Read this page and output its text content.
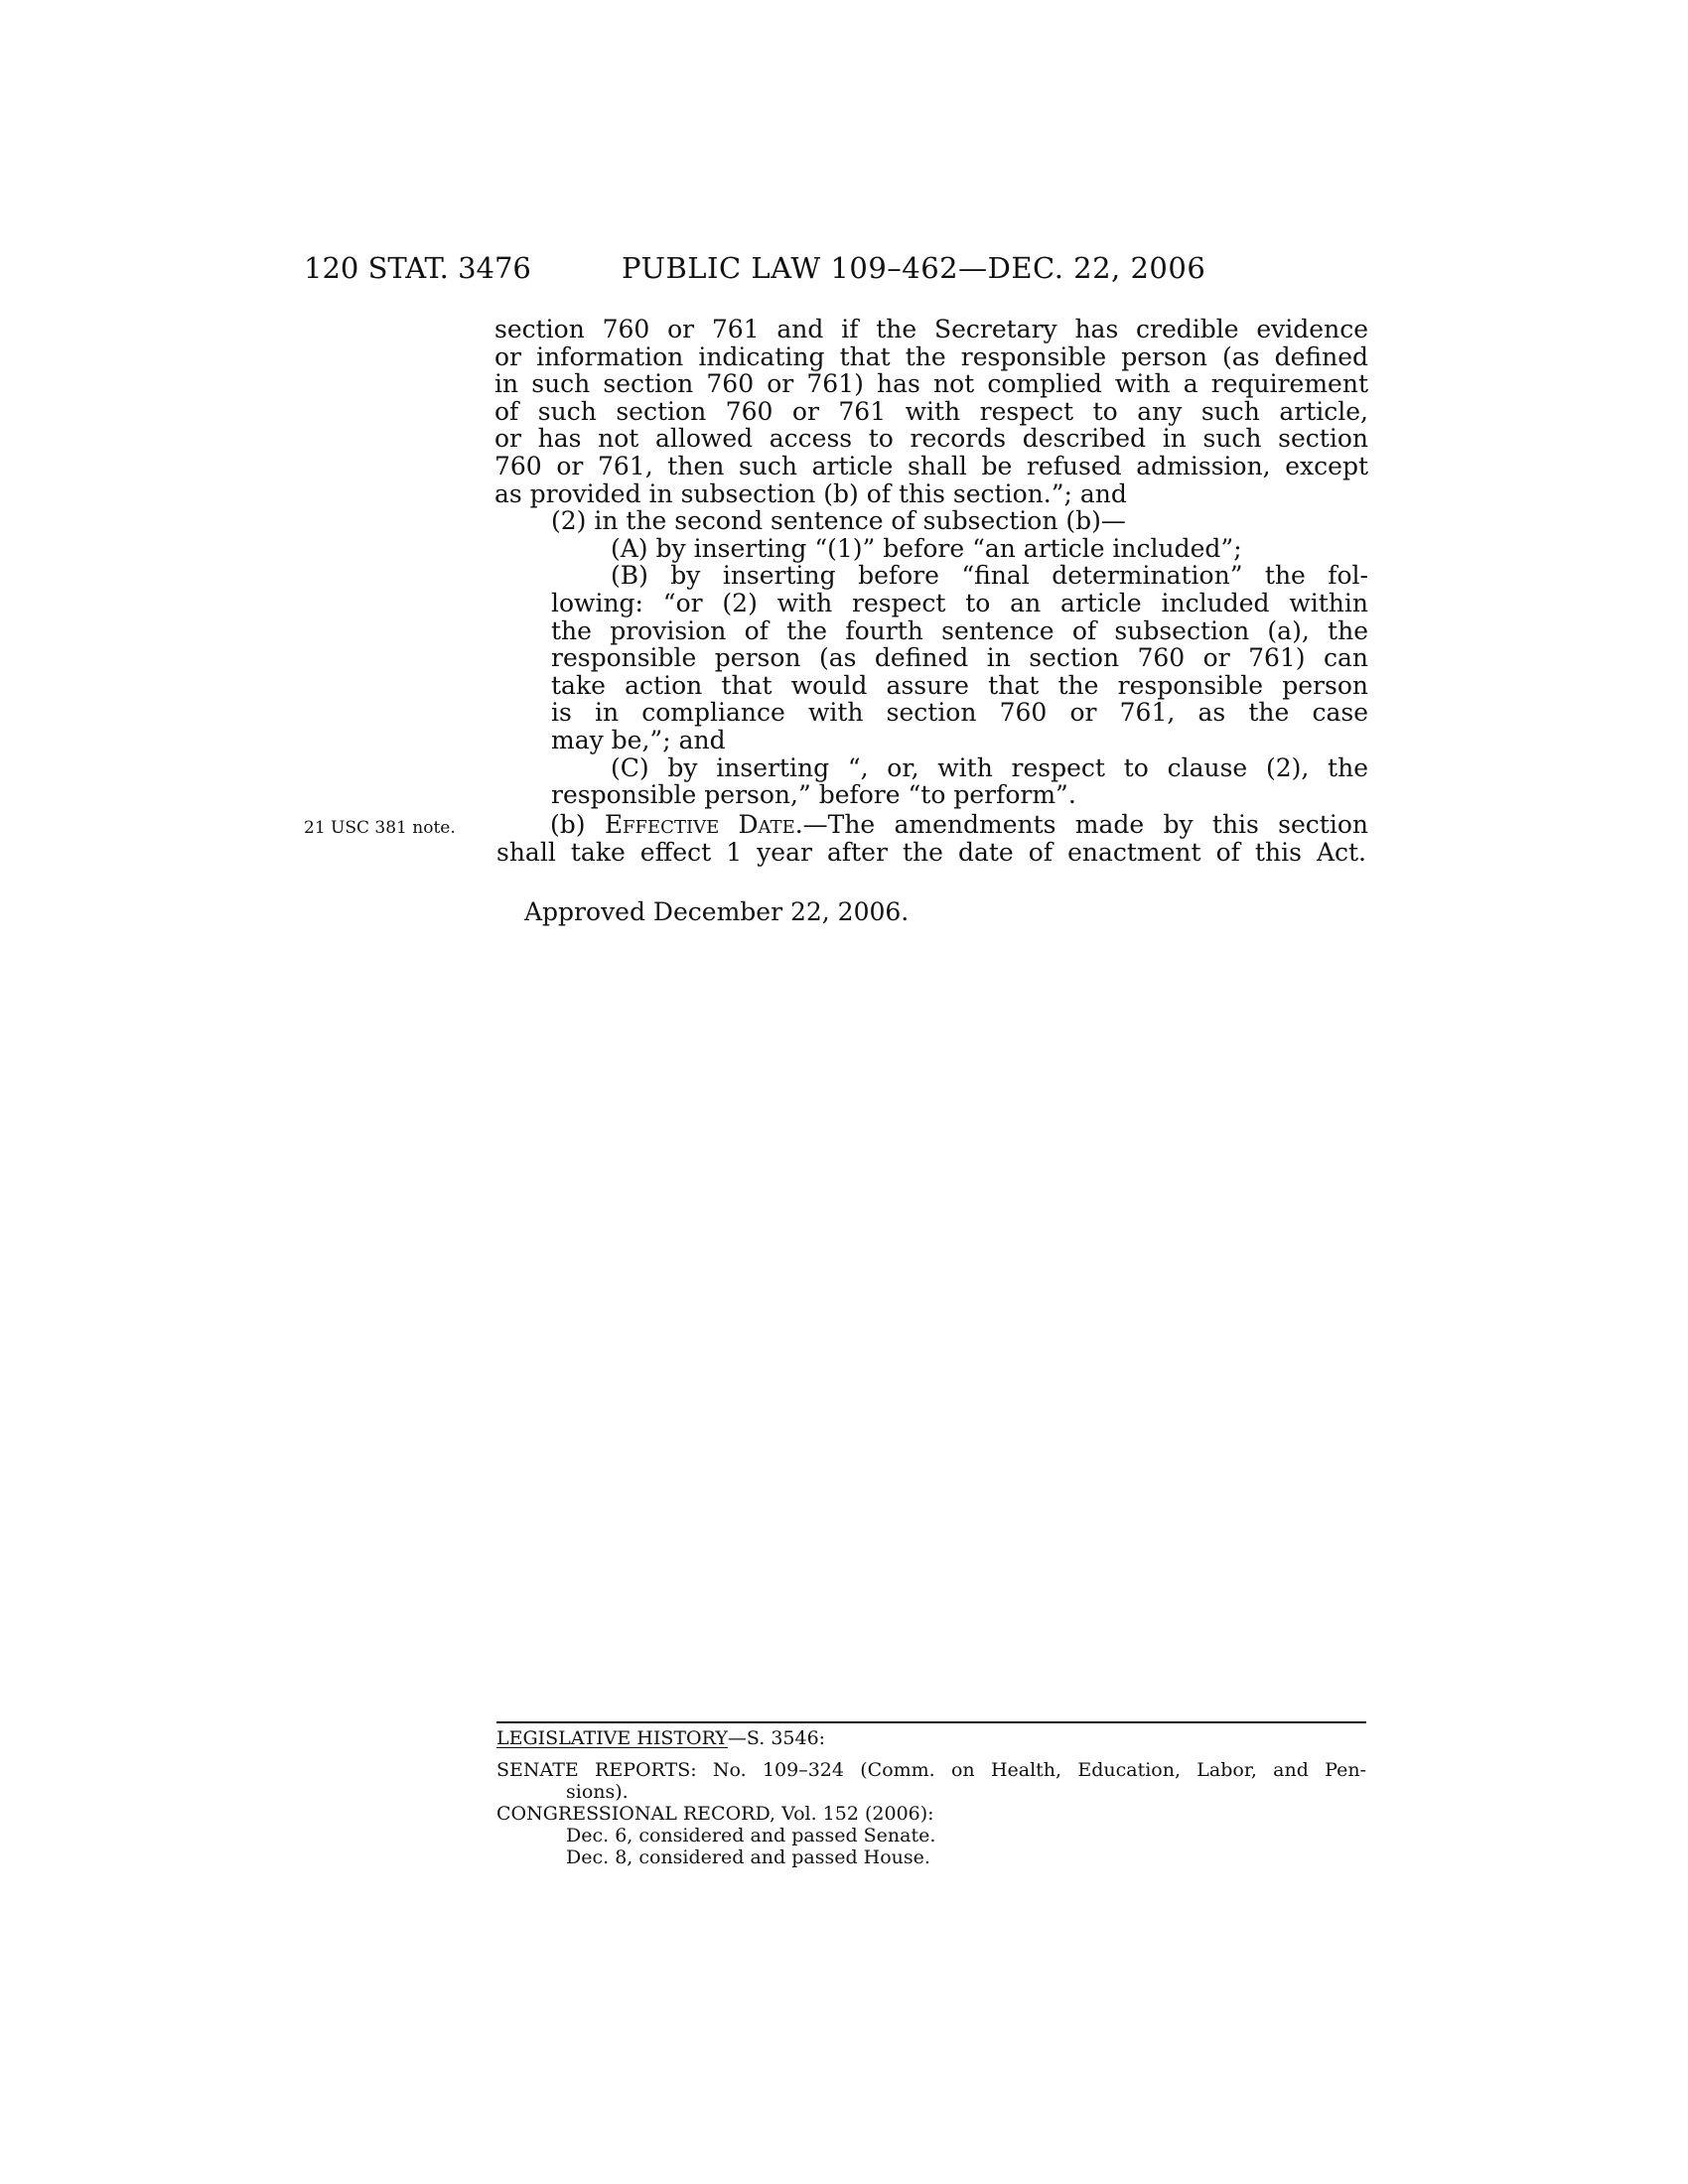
120 STAT. 3476	PUBLIC LAW 109–462—DEC. 22, 2006
section 760 or 761 and if the Secretary has credible evidence
or information indicating that the responsible person (as defined
in such section 760 or 761) has not complied with a requirement
of such section 760 or 761 with respect to any such article,
or has not allowed access to records described in such section
760 or 761, then such article shall be refused admission, except
as provided in subsection (b) of this section.”; and
(2) in the second sentence of subsection (b)—
(A) by inserting “(1)” before “an article included”;
(B) by inserting before “final determination” the fol-
lowing: “or (2) with respect to an article included within
the provision of the fourth sentence of subsection (a), the
responsible person (as defined in section 760 or 761) can
take action that would assure that the responsible person
is in compliance with section 760 or 761, as the case
may be,”; and
(C) by inserting “, or, with respect to clause (2), the
responsible person,” before “to perform”.
21 USC 381 note.	(b) Effective Date.—The amendments made by this section
shall take effect 1 year after the date of enactment of this Act.
Approved December 22, 2006.
LEGISLATIVE HISTORY—S. 3546:
SENATE REPORTS: No. 109–324 (Comm. on Health, Education, Labor, and Pen-
sions).
CONGRESSIONAL RECORD, Vol. 152 (2006):
Dec. 6, considered and passed Senate.
Dec. 8, considered and passed House.
